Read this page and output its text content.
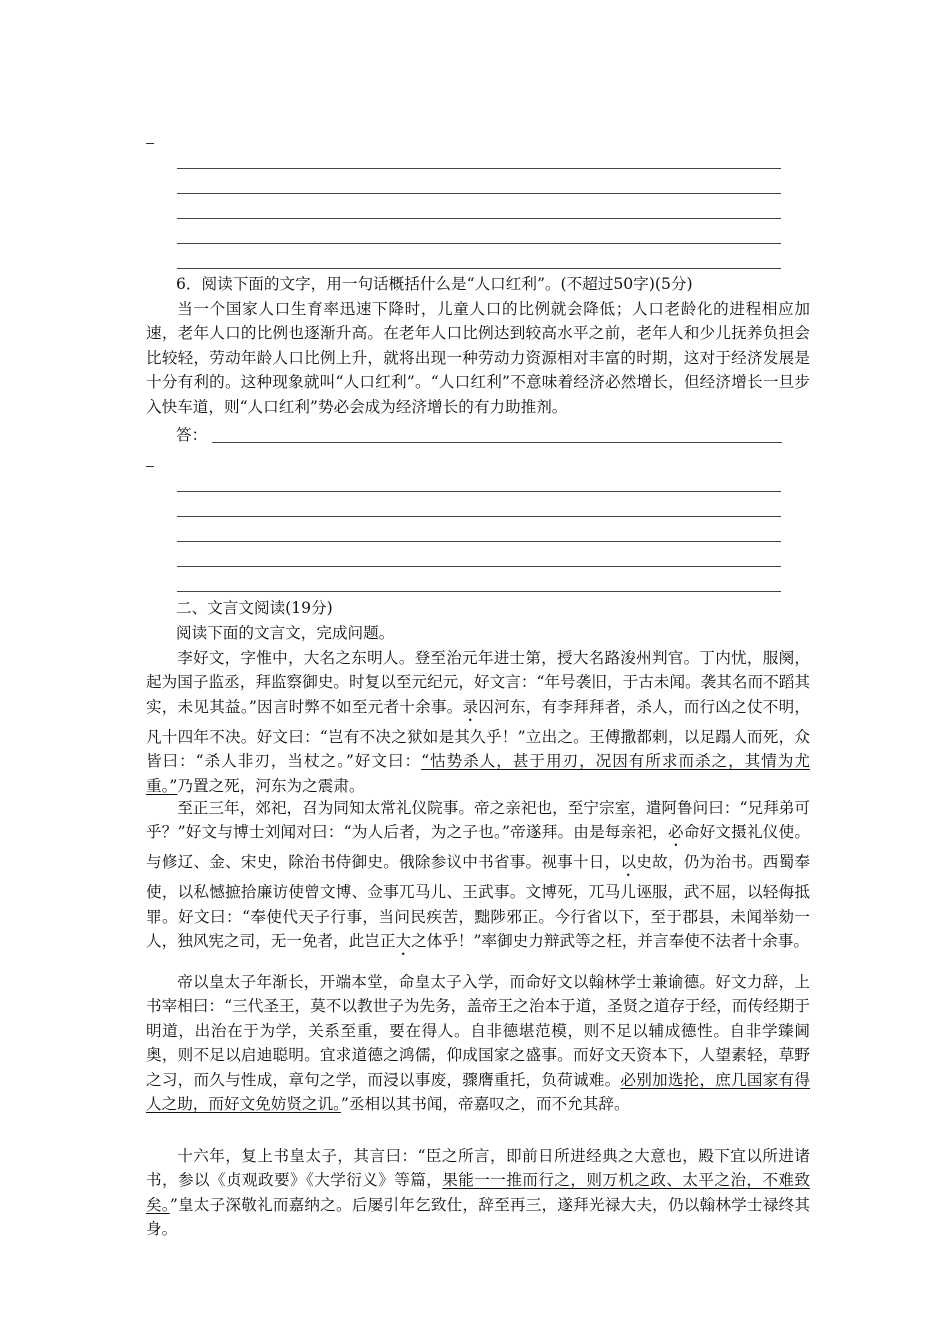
6．阅读下面的文字，用一句话概括什么是“人口红利”。(不超过50字)(5分)

当一个国家人口生育率迅速下降时，儿童人口的比例就会降低；人口老龄化的进程相应加速，老年人口的比例也逐渐升高。在老年人口比例达到较高水平之前，老年人和少儿抚养负担会比较轻，劳动年龄人口比例上升，就将出现一种劳动力资源相对丰富的时期，这对于经济发展是十分有利的。这种现象就叫“人口红利”。“人口红利”不意味着经济必然增长，但经济增长一旦步入快车道，则“人口红利”势必会成为经济增长的有力助推剂。

答：

二、文言文阅读(19分)

阅读下面的文言文，完成问题。

李好文，字惟中，大名之东明人。登至治元年进士第，授大名路浚州判官。丁内忧，服阕，起为国子监丞，拜监察御史。时复以至元纪元，好文言：“年号袭旧，于古未闻。袭其名而不蹈其实，未见其益。”因言时弊不如至元者十余事。录囚河东，有李拜拜者，杀人，而行凶之仗不明，凡十四年不决。好文曰：“岂有不决之狱如是其久乎！”立出之。王傅撒都剌，以足蹋人而死，众皆曰：“杀人非刃，当杖之。”好文曰：“怙势杀人，甚于用刃，况因有所求而杀之，其情为尤重。”乃置之死，河东为之震肃。

至正三年，郊祀，召为同知太常礼仪院事。帝之亲祀也，至宁宗室，遣阿鲁问曰：“兄拜弟可乎？”好文与博士刘闻对曰：“为人后者，为之子也。”帝遂拜。由是每亲祀，必命好文摄礼仪使。与修辽、金、宋史，除治书侍御史。俄除参议中书省事。视事十日，以史故，仍为治书。西蜀奉使，以私憾摭拾廉访使曾文博、佥事兀马儿、王武事。文博死，兀马儿诬服，武不屈，以轻侮抵罪。好文曰：“奉使代天子行事，当问民疾苦，黜陟邪正。今行省以下，至于郡县，未闻举劾一人，独风宪之司，无一免者，此岂正大之体乎！”率御史力辩武等之枉，并言奉使不法者十余事。

帝以皇太子年渐长，开端本堂，命皇太子入学，而命好文以翰林学士兼谕德。好文力辞，上书宰相曰：“三代圣王，莫不以教世子为先务，盖帝王之治本于道，圣贤之道存于经，而传经期于明道，出治在于为学，关系至重，要在得人。自非德堪范模，则不足以辅成德性。自非学臻阃奥，则不足以启迪聪明。宜求道德之鸿儒，仰成国家之盛事。而好文天资本下，人望素轻，草野之习，而久与性成，章句之学，而浸以事废，骤膺重托，负荷诚难。必别加选抡，庶几国家有得人之助，而好文免妨贤之讥。”丞相以其书闻，帝嘉叹之，而不允其辞。

十六年，复上书皇太子，其言曰：“臣之所言，即前日所进经典之大意也，殿下宜以所进诸书，参以《贞观政要》《大学衍义》等篇，果能一一推而行之，则万机之政、太平之治，不难致矣。”皇太子深敬礼而嘉纳之。后屡引年乞致仕，辞至再三，遂拜光禄大夫，仍以翰林学士禄终其身。
